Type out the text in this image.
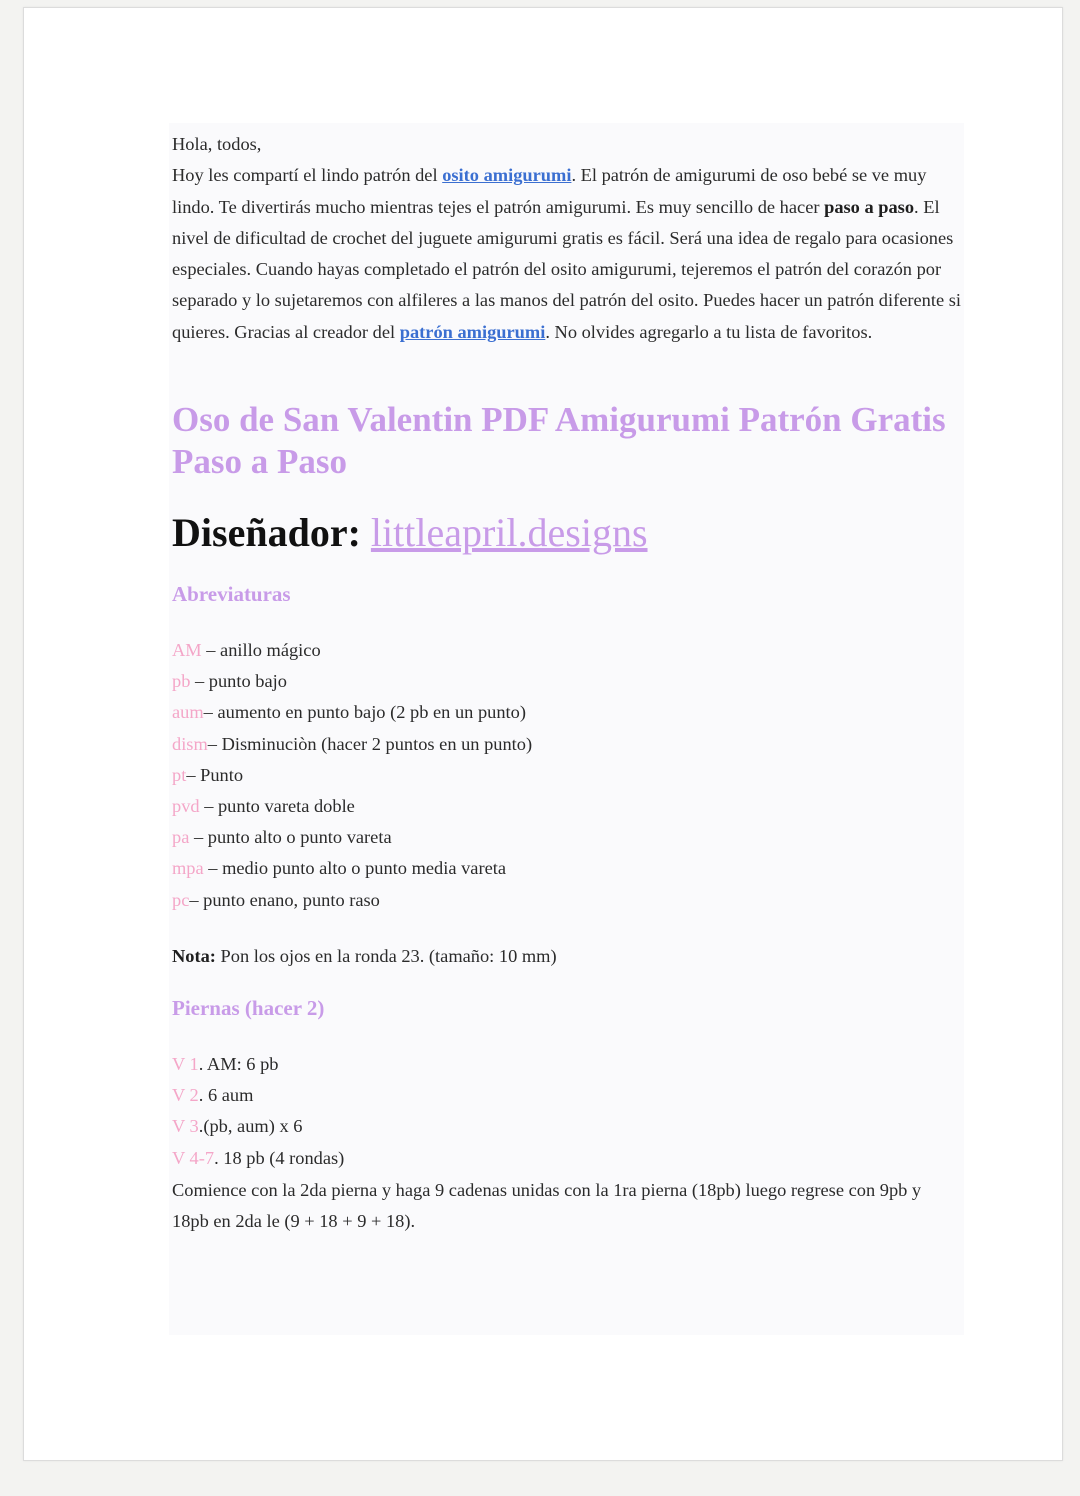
Hola, todos,
Hoy les compartí el lindo patrón del osito amigurumi. El patrón de amigurumi de oso bebé se ve muy lindo. Te divertirás mucho mientras tejes el patrón amigurumi. Es muy sencillo de hacer paso a paso. El nivel de dificultad de crochet del juguete amigurumi gratis es fácil. Será una idea de regalo para ocasiones especiales. Cuando hayas completado el patrón del osito amigurumi, tejeremos el patrón del corazón por separado y lo sujetaremos con alfileres a las manos del patrón del osito. Puedes hacer un patrón diferente si quieres. Gracias al creador del patrón amigurumi. No olvides agregarlo a tu lista de favoritos.

Oso de San Valentin PDF Amigurumi Patrón Gratis Paso a Paso
Diseñador: littleapril.designs
Abreviaturas
AM – anillo mágico
pb – punto bajo
aum– aumento en punto bajo (2 pb en un punto)
dism– Disminuciòn (hacer 2 puntos en un punto)
pt– Punto
pvd – punto vareta doble
pa – punto alto o punto vareta
mpa – medio punto alto o punto media vareta
pc– punto enano, punto raso

Nota: Pon los ojos en la ronda 23. (tamaño: 10 mm)

Piernas (hacer 2)
V 1. AM: 6 pb
V 2. 6 aum
V 3.(pb, aum) x 6
V 4-7. 18 pb (4 rondas)

Comience con la 2da pierna y haga 9 cadenas unidas con la 1ra pierna (18pb) luego regrese con 9pb y 18pb en 2da le (9 + 18 + 9 + 18).
